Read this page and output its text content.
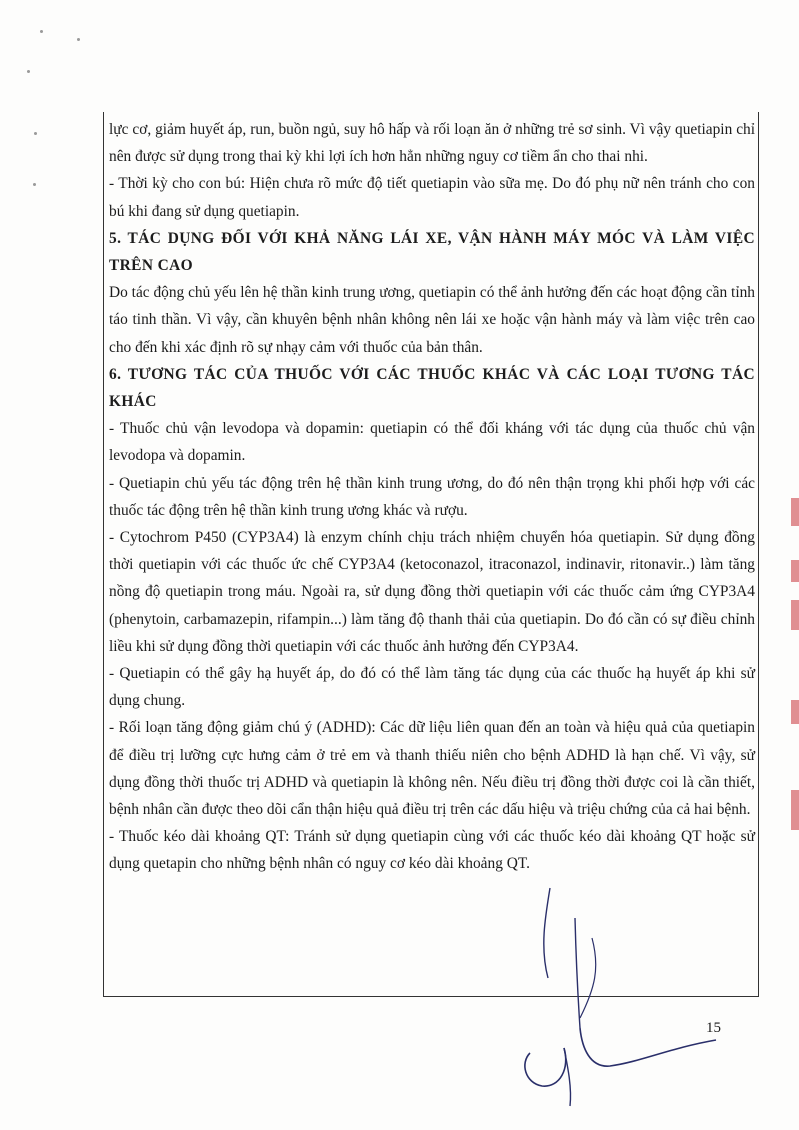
lực cơ, giảm huyết áp, run, buồn ngủ, suy hô hấp và rối loạn ăn ở những trẻ sơ sinh. Vì vậy quetiapin chỉ nên được sử dụng trong thai kỳ khi lợi ích hơn hẳn những nguy cơ tiềm ẩn cho thai nhi.

- Thời kỳ cho con bú: Hiện chưa rõ mức độ tiết quetiapin vào sữa mẹ. Do đó phụ nữ nên tránh cho con bú khi đang sử dụng quetiapin.

5. TÁC DỤNG ĐỐI VỚI KHẢ NĂNG LÁI XE, VẬN HÀNH MÁY MÓC VÀ LÀM VIỆC TRÊN CAO

Do tác động chủ yếu lên hệ thần kinh trung ương, quetiapin có thể ảnh hưởng đến các hoạt động cần tỉnh táo tinh thần. Vì vậy, cần khuyên bệnh nhân không nên lái xe hoặc vận hành máy và làm việc trên cao cho đến khi xác định rõ sự nhạy cảm với thuốc của bản thân.

6. TƯƠNG TÁC CỦA THUỐC VỚI CÁC THUỐC KHÁC VÀ CÁC LOẠI TƯƠNG TÁC KHÁC

- Thuốc chủ vận levodopa và dopamin: quetiapin có thể đối kháng với tác dụng của thuốc chủ vận levodopa và dopamin.

- Quetiapin chủ yếu tác động trên hệ thần kinh trung ương, do đó nên thận trọng khi phối hợp với các thuốc tác động trên hệ thần kinh trung ương khác và rượu.

- Cytochrom P450 (CYP3A4) là enzym chính chịu trách nhiệm chuyển hóa quetiapin. Sử dụng đồng thời quetiapin với các thuốc ức chế CYP3A4 (ketoconazol, itraconazol, indinavir, ritonavir..) làm tăng nồng độ quetiapin trong máu. Ngoài ra, sử dụng đồng thời quetiapin với các thuốc cảm ứng CYP3A4 (phenytoin, carbamazepin, rifampin...) làm tăng độ thanh thải của quetiapin. Do đó cần có sự điều chỉnh liều khi sử dụng đồng thời quetiapin với các thuốc ảnh hưởng đến CYP3A4.

- Quetiapin có thể gây hạ huyết áp, do đó có thể làm tăng tác dụng của các thuốc hạ huyết áp khi sử dụng chung.

- Rối loạn tăng động giảm chú ý (ADHD): Các dữ liệu liên quan đến an toàn và hiệu quả của quetiapin để điều trị lưỡng cực hưng cảm ở trẻ em và thanh thiếu niên cho bệnh ADHD là hạn chế. Vì vậy, sử dụng đồng thời thuốc trị ADHD và quetiapin là không nên. Nếu điều trị đồng thời được coi là cần thiết, bệnh nhân cần được theo dõi cẩn thận hiệu quả điều trị trên các dấu hiệu và triệu chứng của cả hai bệnh.

- Thuốc kéo dài khoảng QT: Tránh sử dụng quetiapin cùng với các thuốc kéo dài khoảng QT hoặc sử dụng quetapin cho những bệnh nhân có nguy cơ kéo dài khoảng QT.

15
